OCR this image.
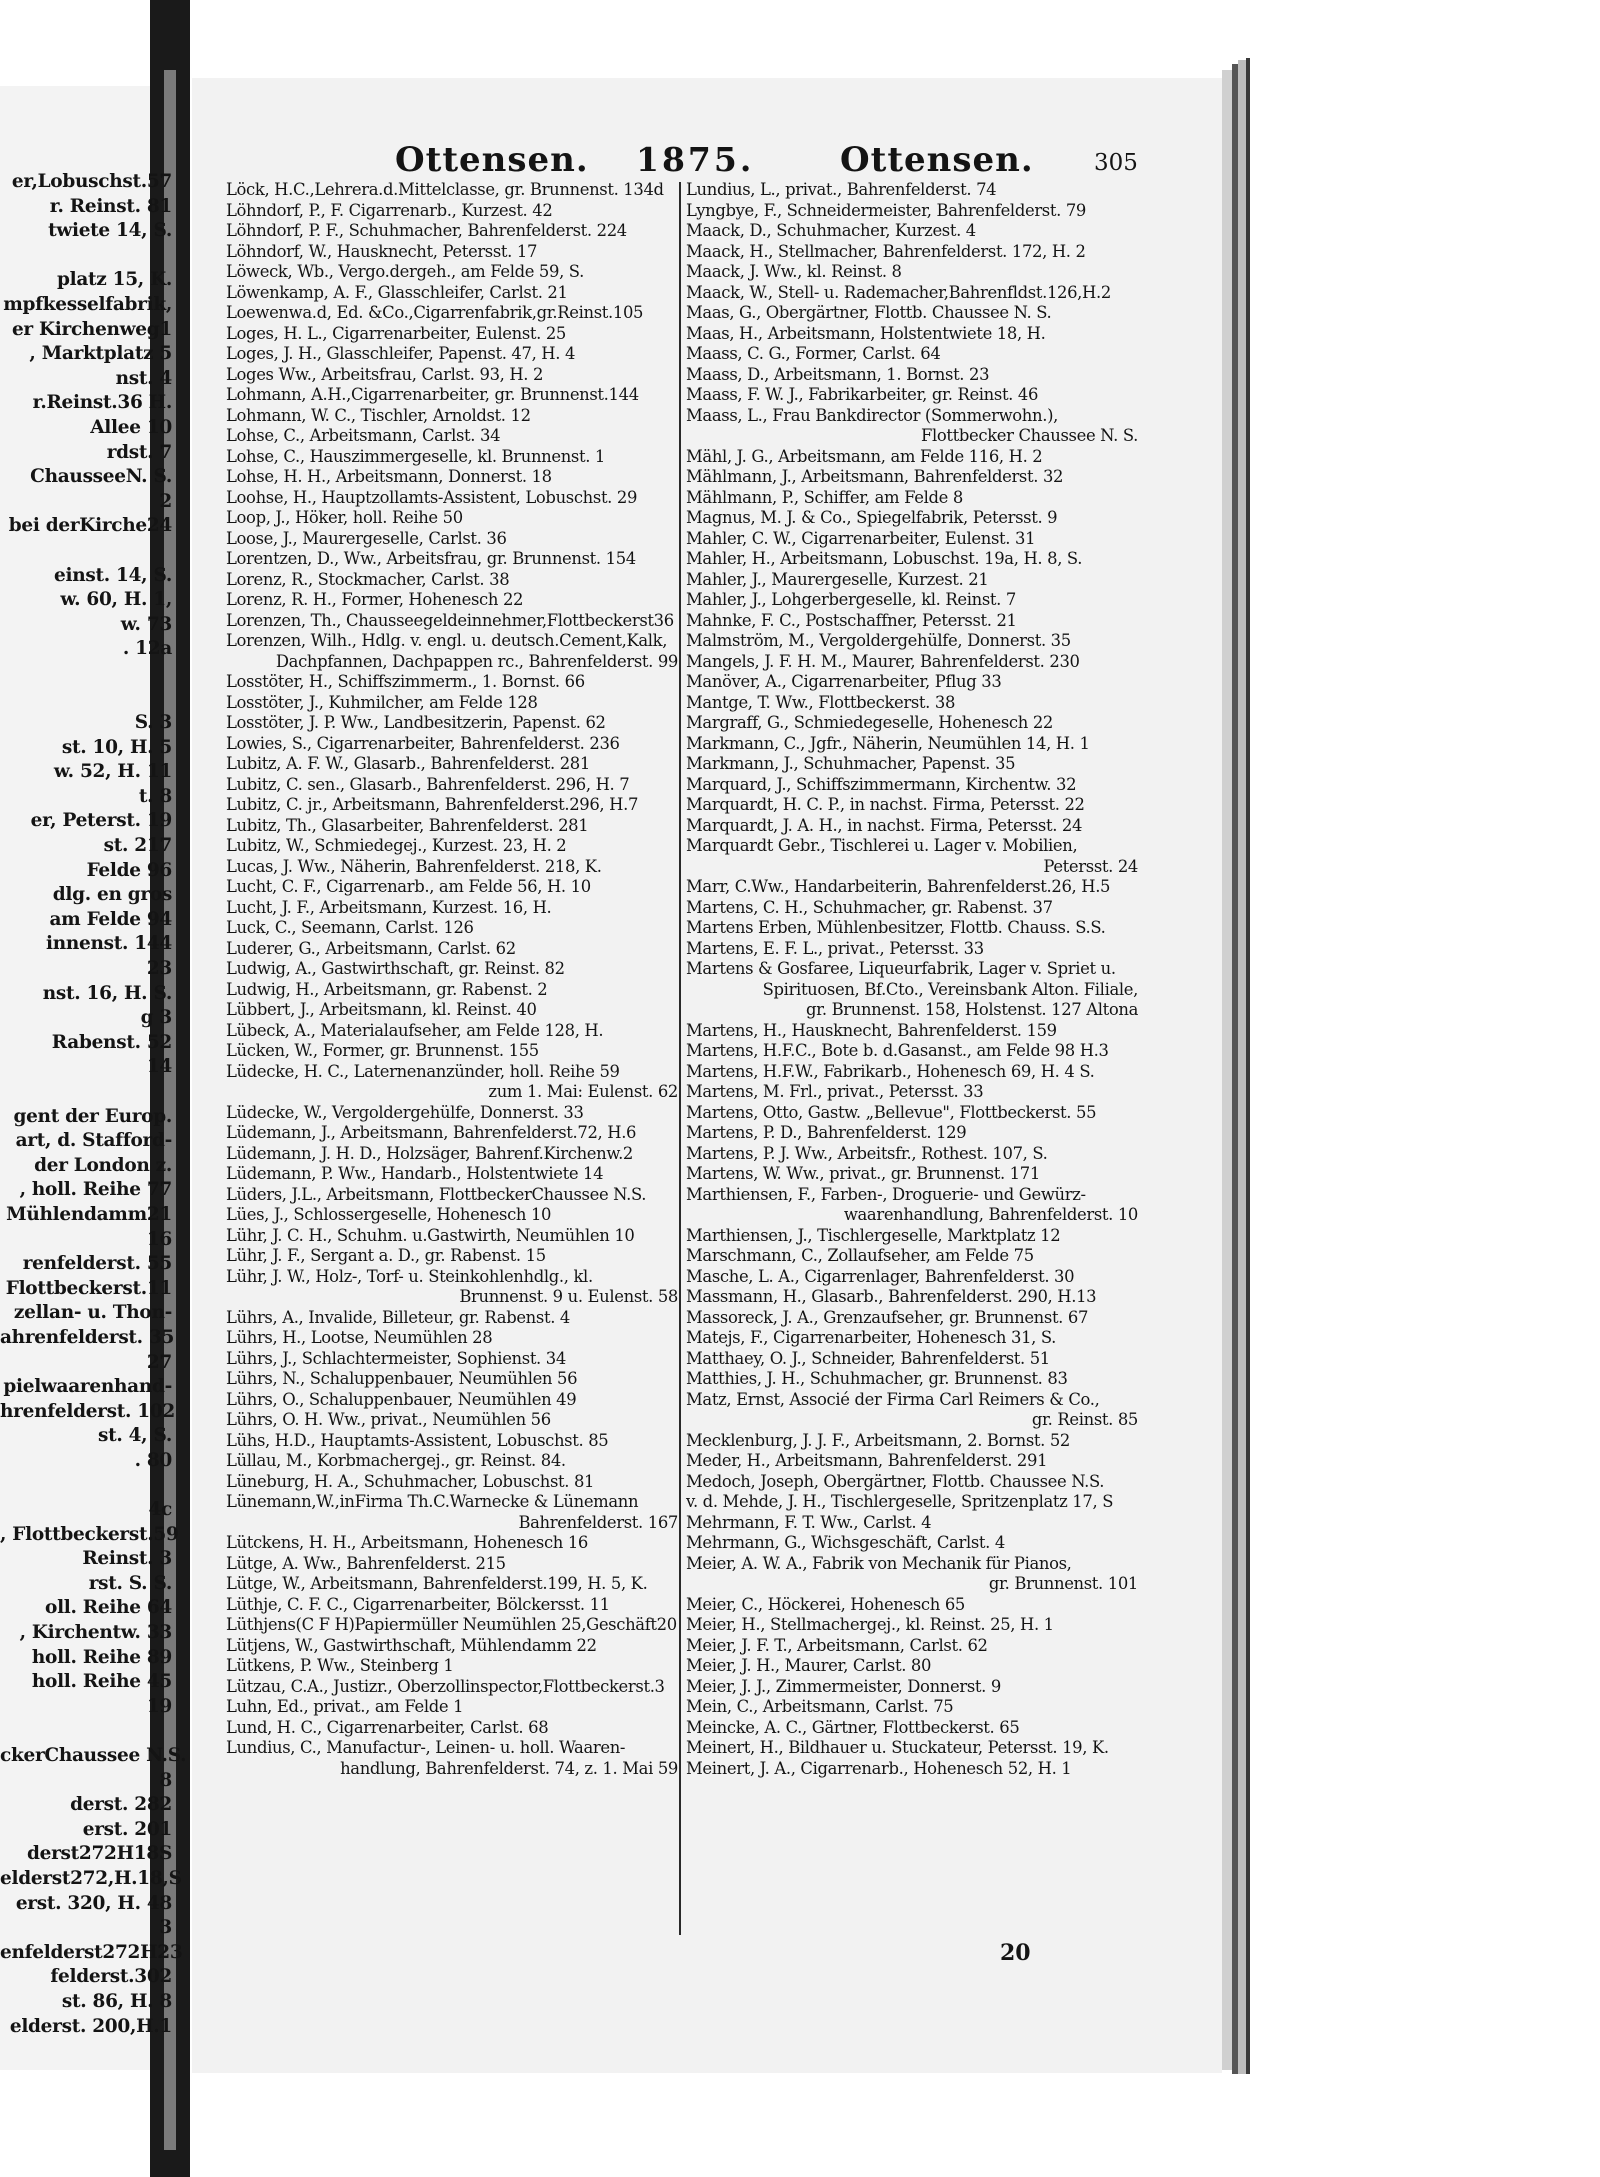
er,Lobuschst.57
r. Reinst. 81
twiete 14, S.

platz 15, K.
mpfkesselfabrik,
er Kirchenweg1
, Marktplatz 5
nst. 4
r.Reinst.36 H.
Allee 10
rdst. 7
ChausseeN. S.
2
bei derKirche24

einst. 14, S.
w. 60, H. 1,
w. 73
. 12a

S. 3
st. 10, H. 5
w. 52, H. 11
t. 8
er, Peterst. 19
st. 217
Felde 96
dlg. en gros
am Felde 94
innenst. 144
23
nst. 16, H. S.
g 3
Rabenst. 52
14

gent der Europ.
art, d. Stafford-
der London z.
, holl. Reihe 77
Mühlendamm21
16
renfelderst. 55
Flottbeckerst.11
zellan- u. Thon-
ahrenfelderst. 35
27
pielwaarenhand-
hrenfelderst. 102
st. 4, S.
. 80

4c
, Flottbeckerst.59
Reinst. 3
rst. S. S.
oll. Reihe 64
, Kirchentw. 33
holl. Reihe 89
holl. Reihe 45
19

ckerChaussee N.S.
8
derst. 282
erst. 201
derst272H18S
elderst272,H.18,S
erst. 320, H. 48
3
enfelderst272H23
felderst.302
st. 86, H. 8
elderst. 200,H.1
Ottensen. 1875.	Ottensen.	305
Löck, H.C.,Lehrera.d.Mittelclasse, gr. Brunnenst. 134d
Löhndorf, P., F. Cigarrenarb., Kurzest. 42
Löhndorf, P. F., Schuhmacher, Bahrenfelderst. 224
Löhndorf, W., Hausknecht, Petersst. 17
Löweck, Wb., Vergo.dergeh., am Felde 59, S.
Löwenkamp, A. F., Glasschleifer, Carlst. 21
Loewenwa.d, Ed. &Co.,Cigarrenfabrik,gr.Reinst.105
Loges, H. L., Cigarrenarbeiter, Eulenst. 25
Loges, J. H., Glasschleifer, Papenst. 47, H. 4
Loges Ww., Arbeitsfrau, Carlst. 93, H. 2
Lohmann, A.H.,Cigarrenarbeiter, gr. Brunnenst.144
Lohmann, W. C., Tischler, Arnoldst. 12
Lohse, C., Arbeitsmann, Carlst. 34
Lohse, C., Hauszimmergeselle, kl. Brunnenst. 1
Lohse, H. H., Arbeitsmann, Donnerst. 18
Loohse, H., Hauptzollamts-Assistent, Lobuschst. 29
Loop, J., Höker, holl. Reihe 50
Loose, J., Maurergeselle, Carlst. 36
Lorentzen, D., Ww., Arbeitsfrau, gr. Brunnenst. 154
Lorenz, R., Stockmacher, Carlst. 38
Lorenz, R. H., Former, Hohenesch 22
Lorenzen, Th., Chausseegeldeinnehmer,Flottbeckerst36
Lorenzen, Wilh., Hdlg. v. engl. u. deutsch.Cement,Kalk,
Dachpfannen, Dachpappen rc., Bahrenfelderst. 99
Losstöter, H., Schiffszimmerm., 1. Bornst. 66
Losstöter, J., Kuhmilcher, am Felde 128
Losstöter, J. P. Ww., Landbesitzerin, Papenst. 62
Lowies, S., Cigarrenarbeiter, Bahrenfelderst. 236
Lubitz, A. F. W., Glasarb., Bahrenfelderst. 281
Lubitz, C. sen., Glasarb., Bahrenfelderst. 296, H. 7
Lubitz, C. jr., Arbeitsmann, Bahrenfelderst.296, H.7
Lubitz, Th., Glasarbeiter, Bahrenfelderst. 281
Lubitz, W., Schmiedegej., Kurzest. 23, H. 2
Lucas, J. Ww., Näherin, Bahrenfelderst. 218, K.
Lucht, C. F., Cigarrenarb., am Felde 56, H. 10
Lucht, J. F., Arbeitsmann, Kurzest. 16, H.
Luck, C., Seemann, Carlst. 126
Luderer, G., Arbeitsmann, Carlst. 62
Ludwig, A., Gastwirthschaft, gr. Reinst. 82
Ludwig, H., Arbeitsmann, gr. Rabenst. 2
Lübbert, J., Arbeitsmann, kl. Reinst. 40
Lübeck, A., Materialaufseher, am Felde 128, H.
Lücken, W., Former, gr. Brunnenst. 155
Lüdecke, H. C., Laternenanzünder, holl. Reihe 59
zum 1. Mai: Eulenst. 62
Lüdecke, W., Vergoldergehülfe, Donnerst. 33
Lüdemann, J., Arbeitsmann, Bahrenfelderst.72, H.6
Lüdemann, J. H. D., Holzsäger, Bahrenf.Kirchenw.2
Lüdemann, P. Ww., Handarb., Holstentwiete 14
Lüders, J.L., Arbeitsmann, FlottbeckerChaussee N.S.
Lües, J., Schlossergeselle, Hohenesch 10
Lühr, J. C. H., Schuhm. u.Gastwirth, Neumühlen 10
Lühr, J. F., Sergant a. D., gr. Rabenst. 15
Lühr, J. W., Holz-, Torf- u. Steinkohlenhdlg., kl.
Brunnenst. 9 u. Eulenst. 58
Lührs, A., Invalide, Billeteur, gr. Rabenst. 4
Lührs, H., Lootse, Neumühlen 28
Lührs, J., Schlachtermeister, Sophienst. 34
Lührs, N., Schaluppenbauer, Neumühlen 56
Lührs, O., Schaluppenbauer, Neumühlen 49
Lührs, O. H. Ww., privat., Neumühlen 56
Lühs, H.D., Hauptamts-Assistent, Lobuschst. 85
Lüllau, M., Korbmachergej., gr. Reinst. 84.
Lüneburg, H. A., Schuhmacher, Lobuschst. 81
Lünemann,W.,inFirma Th.C.Warnecke & Lünemann
Bahrenfelderst. 167
Lütckens, H. H., Arbeitsmann, Hohenesch 16
Lütge, A. Ww., Bahrenfelderst. 215
Lütge, W., Arbeitsmann, Bahrenfelderst.199, H. 5, K.
Lüthje, C. F. C., Cigarrenarbeiter, Bölckersst. 11
Lüthjens(C F H)Papiermüller Neumühlen 25,Geschäft20
Lütjens, W., Gastwirthschaft, Mühlendamm 22
Lütkens, P. Ww., Steinberg 1
Lützau, C.A., Justizr., Oberzollinspector,Flottbeckerst.3
Luhn, Ed., privat., am Felde 1
Lund, H. C., Cigarrenarbeiter, Carlst. 68
Lundius, C., Manufactur-, Leinen- u. holl. Waaren-
handlung, Bahrenfelderst. 74, z. 1. Mai 59
Lundius, L., privat., Bahrenfelderst. 74
Lyngbye, F., Schneidermeister, Bahrenfelderst. 79
Maack, D., Schuhmacher, Kurzest. 4
Maack, H., Stellmacher, Bahrenfelderst. 172, H. 2
Maack, J. Ww., kl. Reinst. 8
Maack, W., Stell- u. Rademacher,Bahrenfldst.126,H.2
Maas, G., Obergärtner, Flottb. Chaussee N. S.
Maas, H., Arbeitsmann, Holstentwiete 18, H.
Maass, C. G., Former, Carlst. 64
Maass, D., Arbeitsmann, 1. Bornst. 23
Maass, F. W. J., Fabrikarbeiter, gr. Reinst. 46
Maass, L., Frau Bankdirector (Sommerwohn.),
Flottbecker Chaussee N. S.
Mähl, J. G., Arbeitsmann, am Felde 116, H. 2
Mählmann, J., Arbeitsmann, Bahrenfelderst. 32
Mählmann, P., Schiffer, am Felde 8
Magnus, M. J. & Co., Spiegelfabrik, Petersst. 9
Mahler, C. W., Cigarrenarbeiter, Eulenst. 31
Mahler, H., Arbeitsmann, Lobuschst. 19a, H. 8, S.
Mahler, J., Maurergeselle, Kurzest. 21
Mahler, J., Lohgerbergeselle, kl. Reinst. 7
Mahnke, F. C., Postschaffner, Petersst. 21
Malmström, M., Vergoldergehülfe, Donnerst. 35
Mangels, J. F. H. M., Maurer, Bahrenfelderst. 230
Manöver, A., Cigarrenarbeiter, Pflug 33
Mantge, T. Ww., Flottbeckerst. 38
Margraff, G., Schmiedegeselle, Hohenesch 22
Markmann, C., Jgfr., Näherin, Neumühlen 14, H. 1
Markmann, J., Schuhmacher, Papenst. 35
Marquard, J., Schiffszimmermann, Kirchentw. 32
Marquardt, H. C. P., in nachst. Firma, Petersst. 22
Marquardt, J. A. H., in nachst. Firma, Petersst. 24
Marquardt Gebr., Tischlerei u. Lager v. Mobilien,
Petersst. 24
Marr, C.Ww., Handarbeiterin, Bahrenfelderst.26, H.5
Martens, C. H., Schuhmacher, gr. Rabenst. 37
Martens Erben, Mühlenbesitzer, Flottb. Chauss. S.S.
Martens, E. F. L., privat., Petersst. 33
Martens & Gosfaree, Liqueurfabrik, Lager v. Spriet u.
Spirituosen, Bf.Cto., Vereinsbank Alton. Filiale,
gr. Brunnenst. 158, Holstenst. 127 Altona
Martens, H., Hausknecht, Bahrenfelderst. 159
Martens, H.F.C., Bote b. d.Gasanst., am Felde 98 H.3
Martens, H.F.W., Fabrikarb., Hohenesch 69, H. 4 S.
Martens, M. Frl., privat., Petersst. 33
Martens, Otto, Gastw. „Bellevue", Flottbeckerst. 55
Martens, P. D., Bahrenfelderst. 129
Martens, P. J. Ww., Arbeitsfr., Rothest. 107, S.
Martens, W. Ww., privat., gr. Brunnenst. 171
Marthiensen, F., Farben-, Droguerie- und Gewürz-
waarenhandlung, Bahrenfelderst. 10
Marthiensen, J., Tischlergeselle, Marktplatz 12
Marschmann, C., Zollaufseher, am Felde 75
Masche, L. A., Cigarrenlager, Bahrenfelderst. 30
Massmann, H., Glasarb., Bahrenfelderst. 290, H.13
Massoreck, J. A., Grenzaufseher, gr. Brunnenst. 67
Matejs, F., Cigarrenarbeiter, Hohenesch 31, S.
Matthaey, O. J., Schneider, Bahrenfelderst. 51
Matthies, J. H., Schuhmacher, gr. Brunnenst. 83
Matz, Ernst, Associé der Firma Carl Reimers & Co.,
gr. Reinst. 85
Mecklenburg, J. J. F., Arbeitsmann, 2. Bornst. 52
Meder, H., Arbeitsmann, Bahrenfelderst. 291
Medoch, Joseph, Obergärtner, Flottb. Chaussee N.S.
v. d. Mehde, J. H., Tischlergeselle, Spritzenplatz 17, S
Mehrmann, F. T. Ww., Carlst. 4
Mehrmann, G., Wichsgeschäft, Carlst. 4
Meier, A. W. A., Fabrik von Mechanik für Pianos,
gr. Brunnenst. 101
Meier, C., Höckerei, Hohenesch 65
Meier, H., Stellmachergej., kl. Reinst. 25, H. 1
Meier, J. F. T., Arbeitsmann, Carlst. 62
Meier, J. H., Maurer, Carlst. 80
Meier, J. J., Zimmermeister, Donnerst. 9
Mein, C., Arbeitsmann, Carlst. 75
Meincke, A. C., Gärtner, Flottbeckerst. 65
Meinert, H., Bildhauer u. Stuckateur, Petersst. 19, K.
Meinert, J. A., Cigarrenarb., Hohenesch 52, H. 1
20
